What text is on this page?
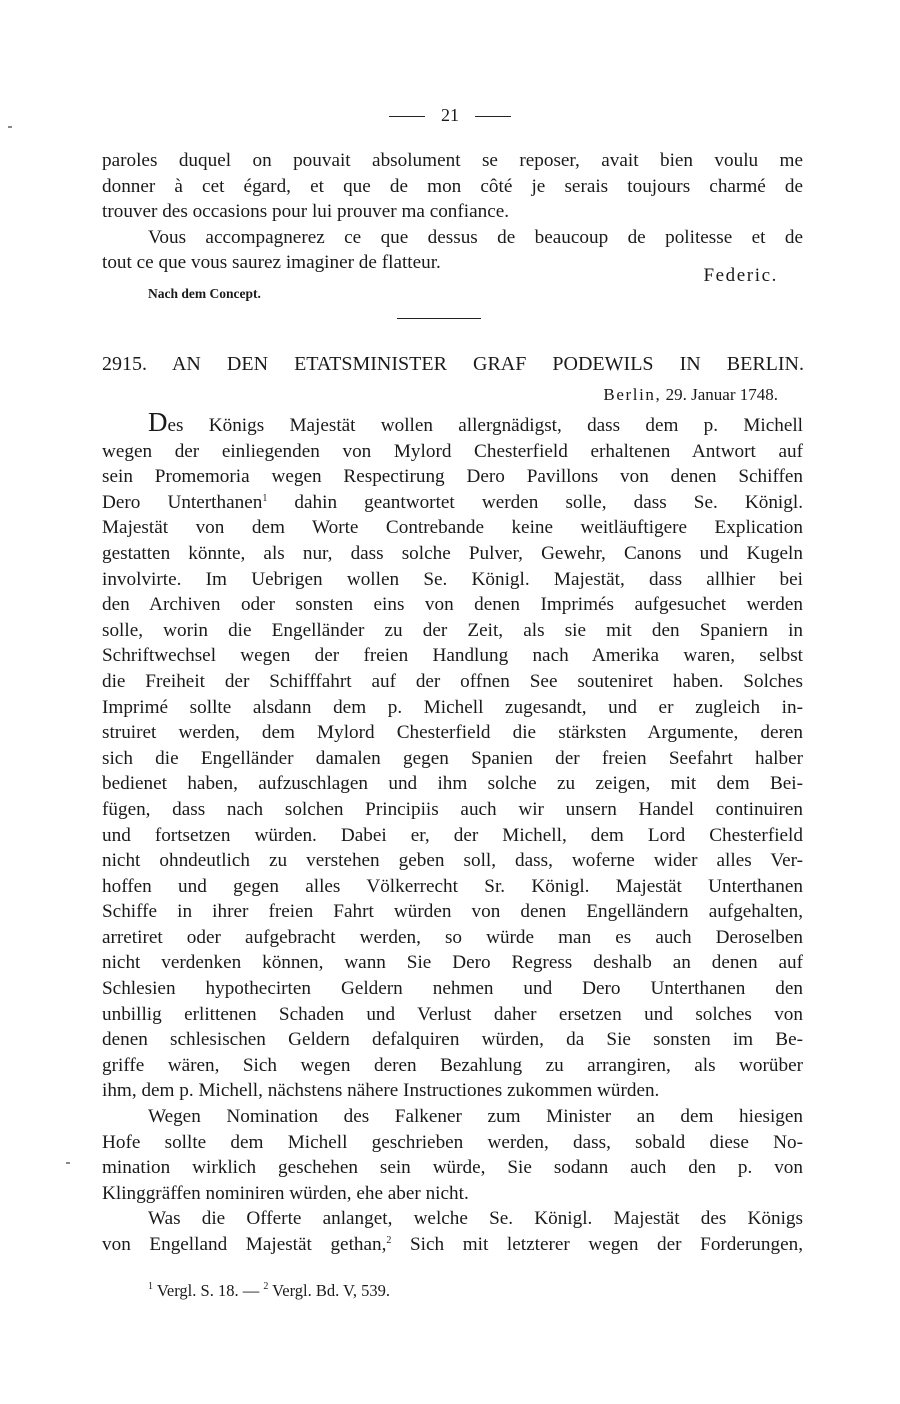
21
paroles duquel on pouvait absolument se reposer, avait bien voulu me
donner à cet égard, et que de mon côté je serais toujours charmé de
trouver des occasions pour lui prouver ma confiance.
Vous accompagnerez ce que dessus de beaucoup de politesse et de
tout ce que vous saurez imaginer de flatteur.
Federic.
Nach dem Concept.
2915. AN DEN ETATSMINISTER GRAF PODEWILS IN BERLIN.
Berlin, 29. Januar 1748.
Des Königs Majestät wollen allergnädigst, dass dem p. Michell
wegen der einliegenden von Mylord Chesterfield erhaltenen Antwort auf
sein Promemoria wegen Respectirung Dero Pavillons von denen Schiffen
Dero Unterthanen$^1$ dahin geantwortet werden solle, dass Se. Königl.
Majestät von dem Worte Contrebande keine weitläuftigere Explication
gestatten könnte, als nur, dass solche Pulver, Gewehr, Canons und Kugeln
involvirte. Im Uebrigen wollen Se. Königl. Majestät, dass allhier bei
den Archiven oder sonsten eins von denen Imprimés aufgesuchet werden
solle, worin die Engelländer zu der Zeit, als sie mit den Spaniern in
Schriftwechsel wegen der freien Handlung nach Amerika waren, selbst
die Freiheit der Schifffahrt auf der offnen See souteniret haben. Solches
Imprimé sollte alsdann dem p. Michell zugesandt, und er zugleich in-
struiret werden, dem Mylord Chesterfield die stärksten Argumente, deren
sich die Engelländer damalen gegen Spanien der freien Seefahrt halber
bedienet haben, aufzuschlagen und ihm solche zu zeigen, mit dem Bei-
fügen, dass nach solchen Principiis auch wir unsern Handel continuiren
und fortsetzen würden. Dabei er, der Michell, dem Lord Chesterfield
nicht ohndeutlich zu verstehen geben soll, dass, woferne wider alles Ver-
hoffen und gegen alles Völkerrecht Sr. Königl. Majestät Unterthanen
Schiffe in ihrer freien Fahrt würden von denen Engelländern aufgehalten,
arretiret oder aufgebracht werden, so würde man es auch Deroselben
nicht verdenken können, wann Sie Dero Regress deshalb an denen auf
Schlesien hypothecirten Geldern nehmen und Dero Unterthanen den
unbillig erlittenen Schaden und Verlust daher ersetzen und solches von
denen schlesischen Geldern defalquiren würden, da Sie sonsten im Be-
griffe wären, Sich wegen deren Bezahlung zu arrangiren, als worüber
ihm, dem p. Michell, nächstens nähere Instructiones zukommen würden.
Wegen Nomination des Falkener zum Minister an dem hiesigen
Hofe sollte dem Michell geschrieben werden, dass, sobald diese No-
mination wirklich geschehen sein würde, Sie sodann auch den p. von
Klinggräffen nominiren würden, ehe aber nicht.
Was die Offerte anlanget, welche Se. Königl. Majestät des Königs
von Engelland Majestät gethan,$^2$ Sich mit letzterer wegen der Forderungen,
$^1$ Vergl. S. 18. — $^2$ Vergl. Bd. V, 539.
